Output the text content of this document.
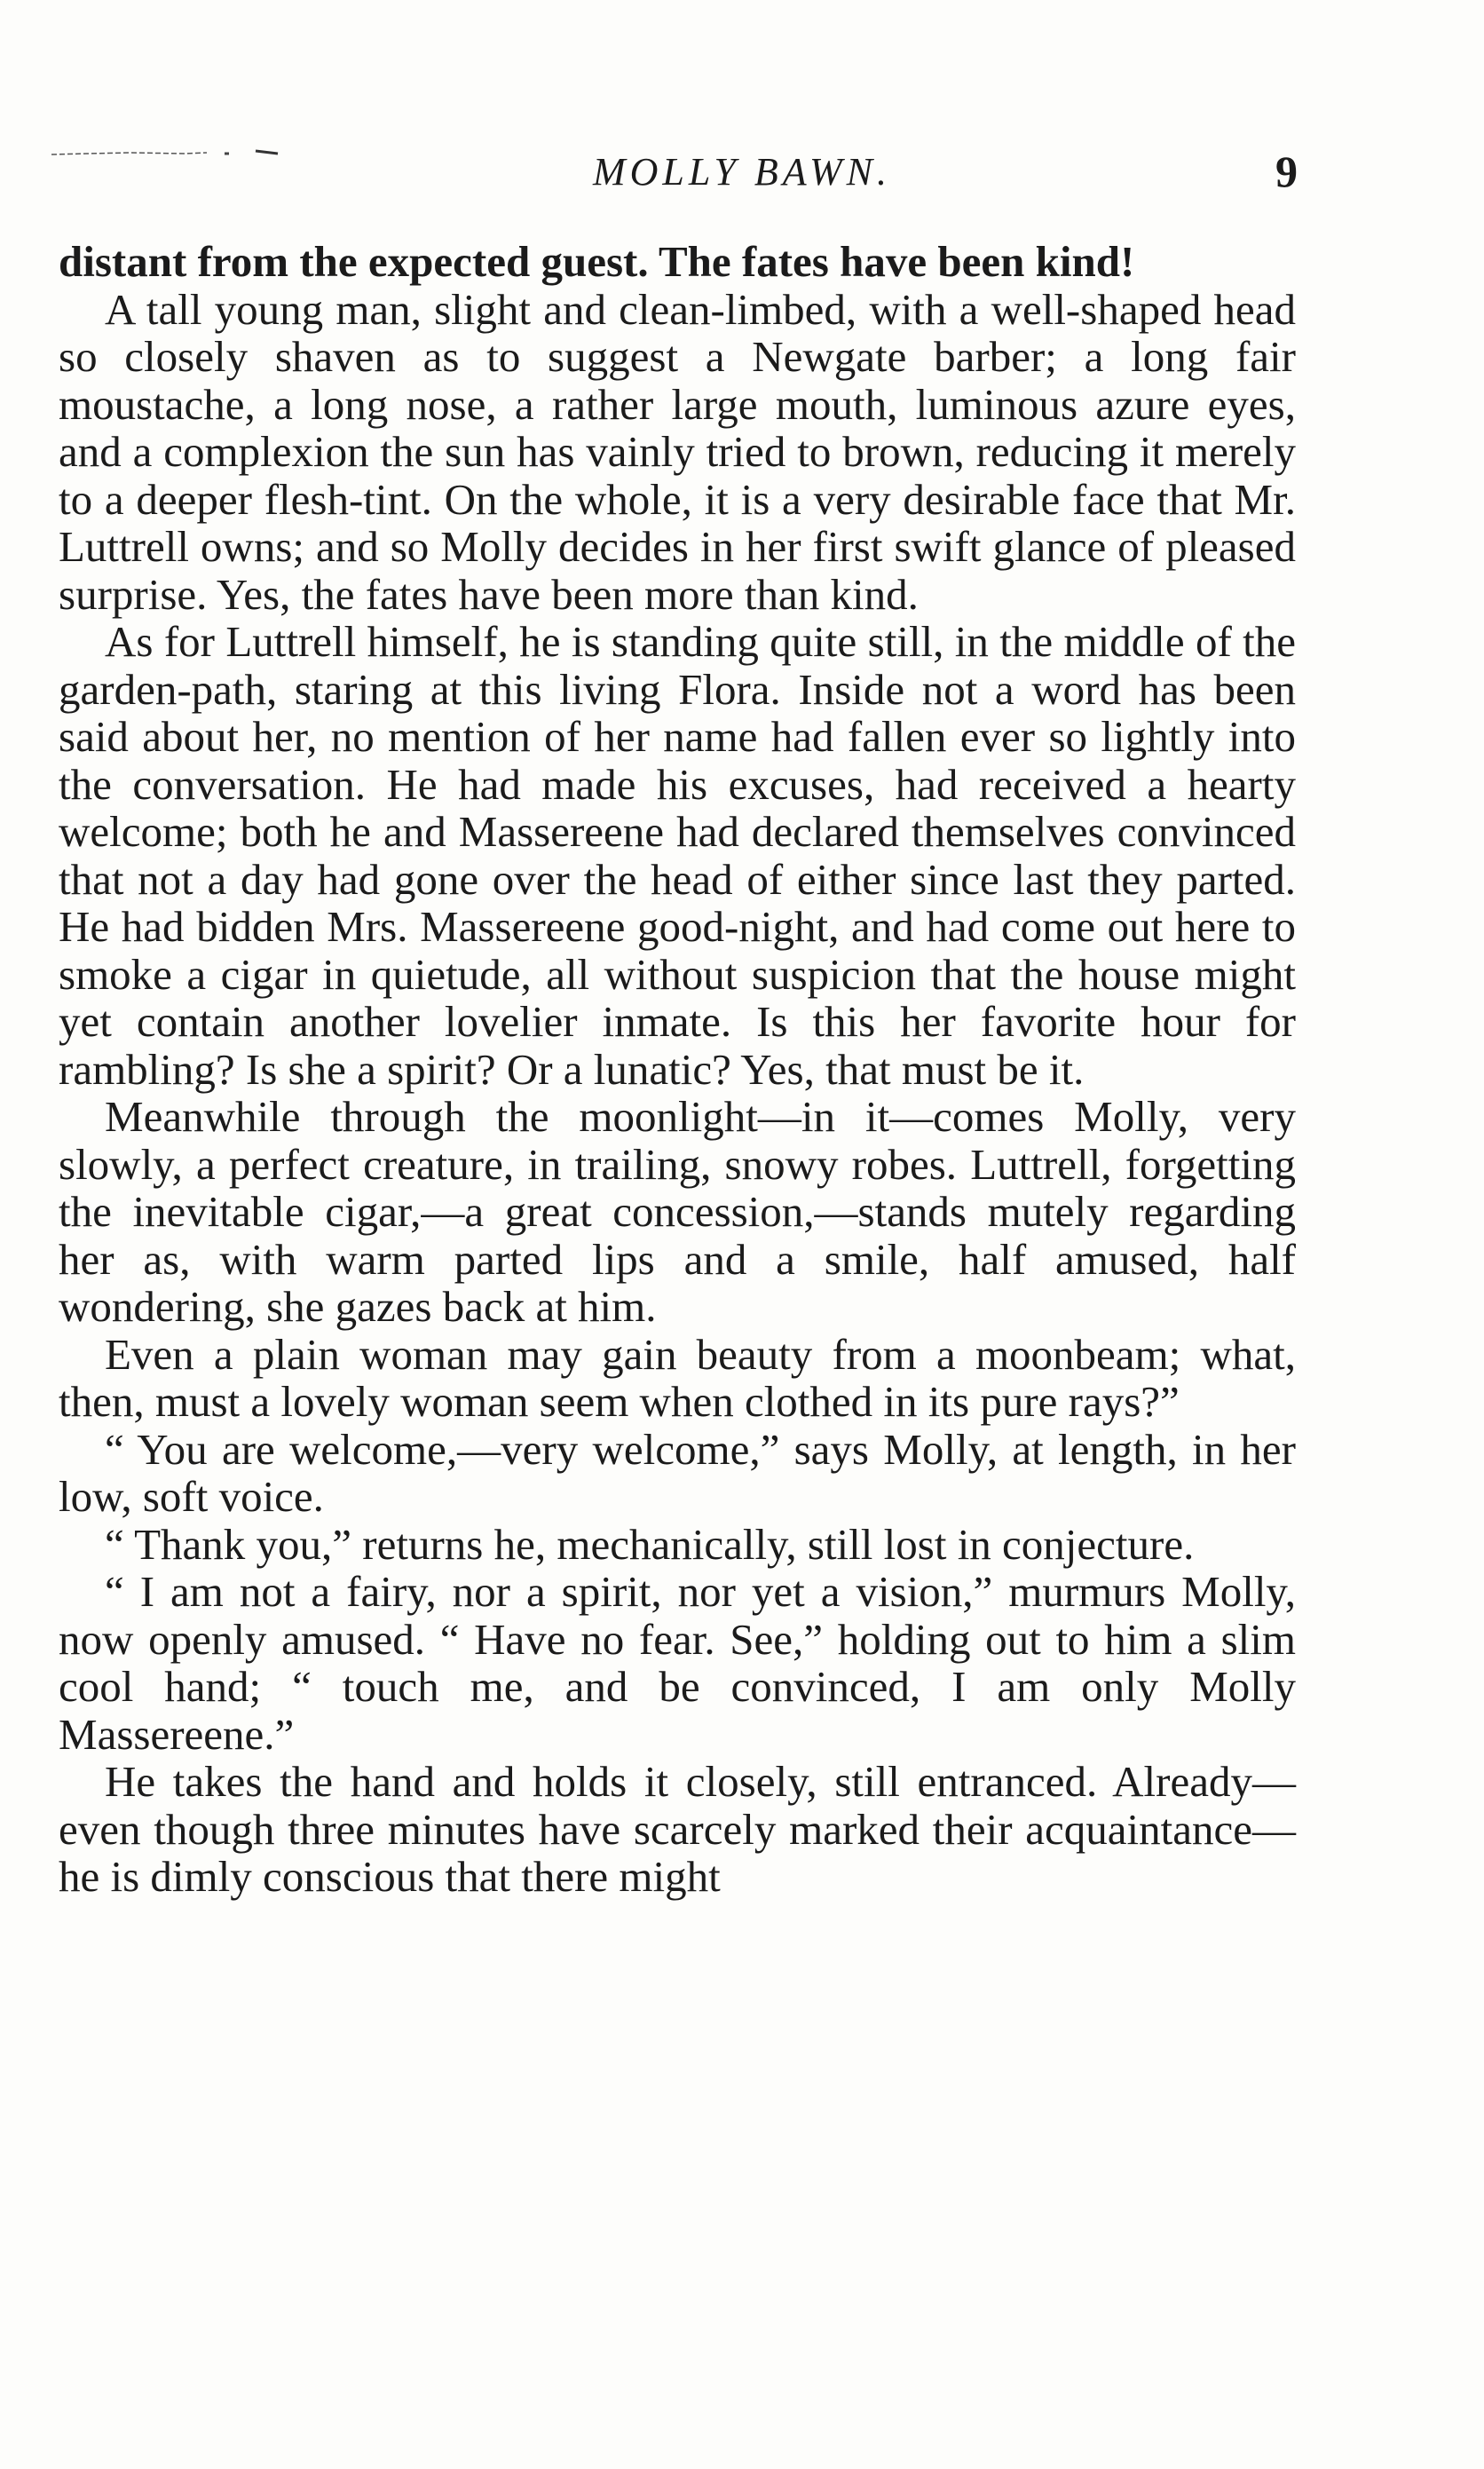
MOLLY BAWN.	9

distant from the expected guest. The fates have been kind!

A tall young man, slight and clean-limbed, with a well-shaped head so closely shaven as to suggest a Newgate barber; a long fair moustache, a long nose, a rather large mouth, luminous azure eyes, and a complexion the sun has vainly tried to brown, reducing it merely to a deeper flesh-tint. On the whole, it is a very desirable face that Mr. Luttrell owns; and so Molly decides in her first swift glance of pleased surprise. Yes, the fates have been more than kind.

As for Luttrell himself, he is standing quite still, in the middle of the garden-path, staring at this living Flora. Inside not a word has been said about her, no mention of her name had fallen ever so lightly into the conversation. He had made his excuses, had received a hearty welcome; both he and Massereene had declared themselves convinced that not a day had gone over the head of either since last they parted. He had bidden Mrs. Massereene good-night, and had come out here to smoke a cigar in quietude, all without suspicion that the house might yet contain another lovelier inmate. Is this her favorite hour for rambling? Is she a spirit? Or a lunatic? Yes, that must be it.

Meanwhile through the moonlight—in it—comes Molly, very slowly, a perfect creature, in trailing, snowy robes. Luttrell, forgetting the inevitable cigar,—a great concession,—stands mutely regarding her as, with warm parted lips and a smile, half amused, half wondering, she gazes back at him.

Even a plain woman may gain beauty from a moonbeam; what, then, must a lovely woman seem when clothed in its pure rays?”

“ You are welcome,—very welcome,” says Molly, at length, in her low, soft voice.

“ Thank you,” returns he, mechanically, still lost in conjecture.

“ I am not a fairy, nor a spirit, nor yet a vision,” murmurs Molly, now openly amused. “ Have no fear. See,” holding out to him a slim cool hand; “ touch me, and be convinced, I am only Molly Massereene.”

He takes the hand and holds it closely, still entranced. Already—even though three minutes have scarcely marked their acquaintance—he is dimly conscious that there might
